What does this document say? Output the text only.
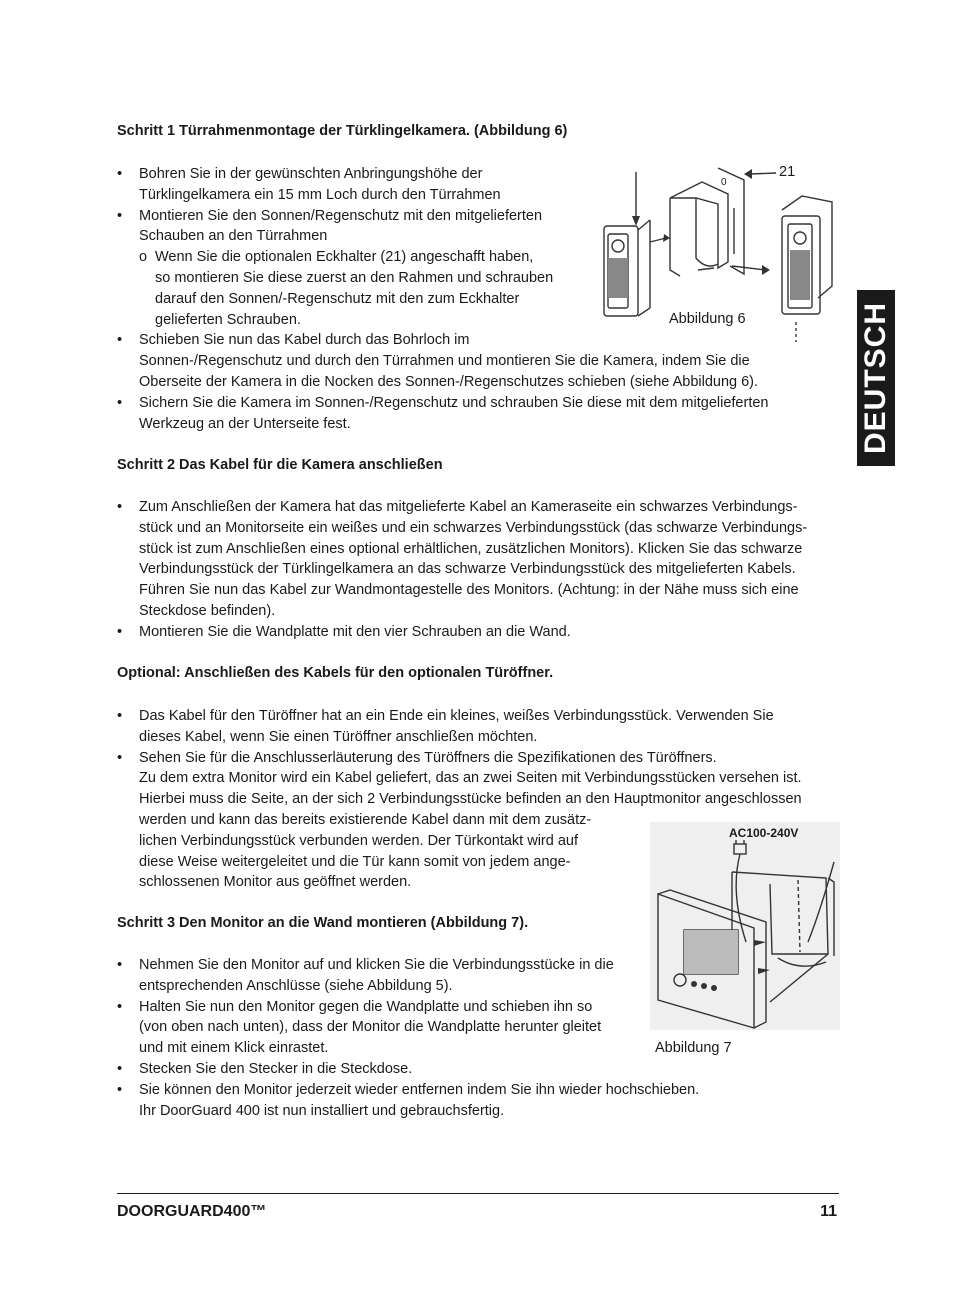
DEUTSCH
Schritt 1 Türrahmenmontage der Türklingelkamera. (Abbildung 6)
• Bohren Sie in der gewünschten Anbringungshöhe der
Türklingelkamera ein 15 mm Loch durch den Türrahmen
• Montieren Sie den Sonnen/Regenschutz mit den mitgelieferten
Schauben an den Türrahmen
o Wenn Sie die optionalen Eckhalter (21) angeschafft haben,
so montieren Sie diese zuerst an den Rahmen und schrauben
darauf den Sonnen/-Regenschutz mit den zum Eckhalter
gelieferten Schrauben.
• Schieben Sie nun das Kabel durch das Bohrloch im
Sonnen-/Regenschutz und durch den Türrahmen und montieren Sie die Kamera, indem Sie die
Oberseite der Kamera in die Nocken des Sonnen-/Regenschutzes schieben (siehe Abbildung 6).
• Sichern Sie die Kamera im Sonnen-/Regenschutz und schrauben Sie diese mit dem mitgelieferten
Werkzeug an der Unterseite fest.
0
21
Abbildung 6
Schritt 2 Das Kabel für die Kamera anschließen
• Zum Anschließen der Kamera hat das mitgelieferte Kabel an Kameraseite ein schwarzes Verbindungs-
stück und an Monitorseite ein weißes und ein schwarzes Verbindungsstück (das schwarze Verbindungs-
stück ist zum Anschließen eines optional erhältlichen, zusätzlichen Monitors). Klicken Sie das schwarze
Verbindungsstück der Türklingelkamera an das schwarze Verbindungsstück des mitgelieferten Kabels.
Führen Sie nun das Kabel zur Wandmontagestelle des Monitors. (Achtung: in der Nähe muss sich eine
Steckdose befinden).
• Montieren Sie die Wandplatte mit den vier Schrauben an die Wand.
Optional: Anschließen des Kabels für den optionalen Türöffner.
• Das Kabel für den Türöffner hat an ein Ende ein kleines, weißes Verbindungsstück. Verwenden Sie
dieses Kabel, wenn Sie einen Türöffner anschließen möchten.
• Sehen Sie für die Anschlusserläuterung des Türöffners die Spezifikationen des Türöffners.
Zu dem extra Monitor wird ein Kabel geliefert, das an zwei Seiten mit Verbindungsstücken versehen ist.
Hierbei muss die Seite, an der sich 2 Verbindungsstücke befinden an den Hauptmonitor angeschlossen
werden und kann das bereits existierende Kabel dann mit dem zusätz-
lichen Verbindungsstück verbunden werden. Der Türkontakt wird auf
diese Weise weitergeleitet und die Tür kann somit von jedem ange-
schlossenen Monitor aus geöffnet werden.
Schritt 3 Den Monitor an die Wand montieren (Abbildung 7).
• Nehmen Sie den Monitor auf und klicken Sie die Verbindungsstücke in die
entsprechenden Anschlüsse (siehe Abbildung 5).
• Halten Sie nun den Monitor gegen die Wandplatte und schieben ihn so
(von oben nach unten), dass der Monitor die Wandplatte herunter gleitet
und mit einem Klick einrastet.
• Stecken Sie den Stecker in die Steckdose.
• Sie können den Monitor jederzeit wieder entfernen indem Sie ihn wieder hochschieben.
Ihr DoorGuard 400 ist nun installiert und gebrauchsfertig.
AC100-240V
Abbildung 7
DOORGUARD400™	11
